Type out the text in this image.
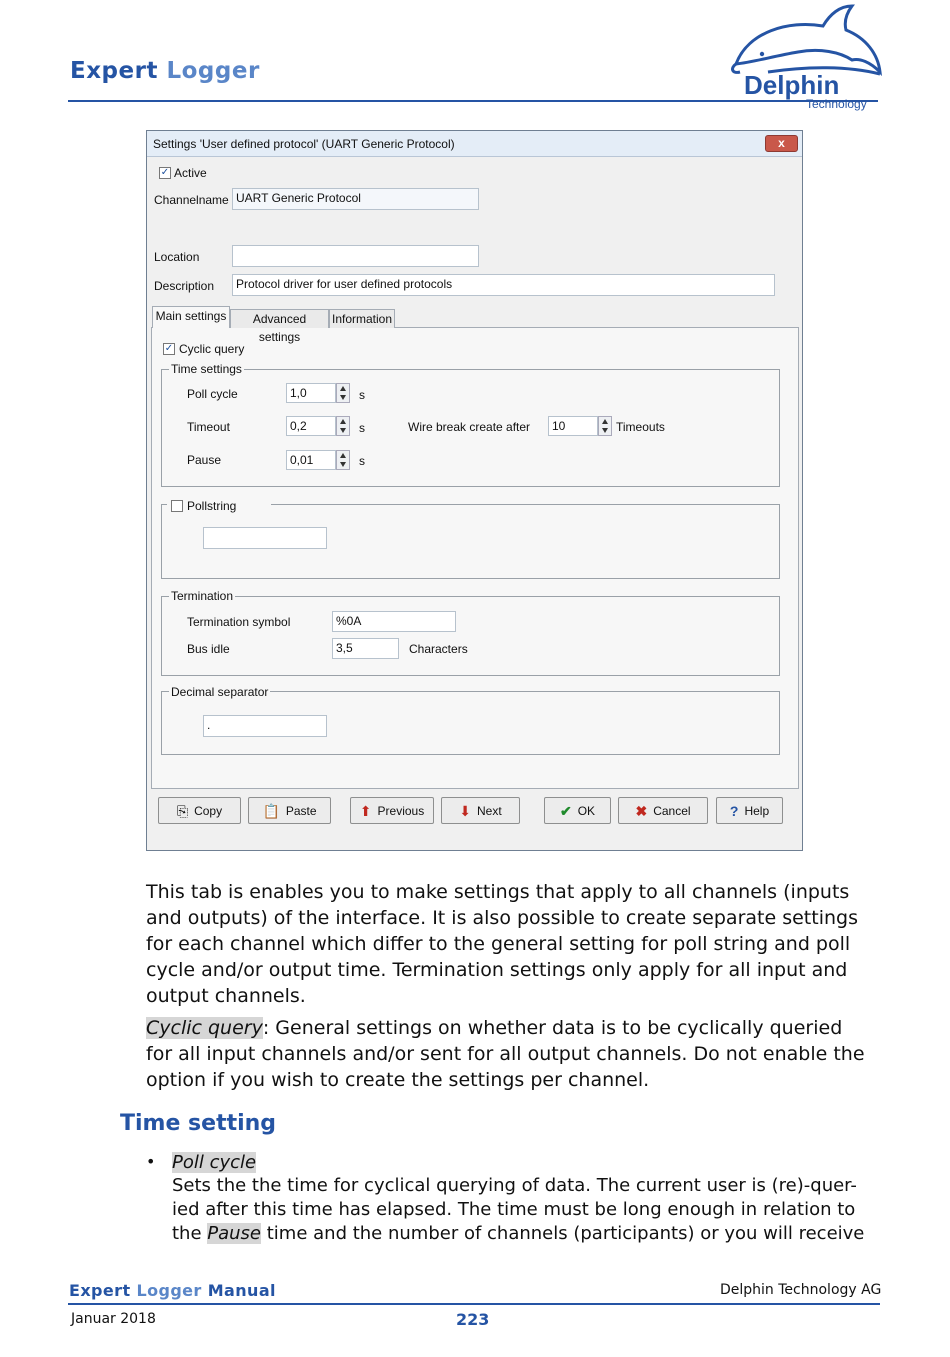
Expert Logger	Delphin
Technology
Settings 'User defined protocol' (UART Generic Protocol)	x
✓ Active
Channelname UART Generic Protocol
Location
Description	Protocol driver for user defined protocols
Main settings	Advanced settings
Information
✓ Cyclic query
Time settings
Poll cycle	1,0	s
Timeout	0,2	s	Wire break create after	10	Timeouts
Pause	0,01	s
Pollstring
Termination
Termination symbol	%0A
Bus idle	3,5	Characters
Decimal separator
.
⎘ Copy	📋 Paste	⬆ Previous	⬇ Next	✔ OK	✖ Cancel	? Help
This tab is enables you to make settings that apply to all channels (inputs and outputs) of the interface. It is also possible to create separate settings for each channel which differ to the general setting for poll string and poll cycle and/or output time. Termination settings only apply for all input and output channels.
Cyclic query: General settings on whether data is to be cyclically queried for all input channels and/or sent for all output channels. Do not enable the option if you wish to create the settings per channel.
Time setting
• Poll cycle
Sets the the time for cyclical querying of data. The current user is (re)-quer-
ied after this time has elapsed. The time must be long enough in relation to
the Pause time and the number of channels (participants) or you will receive
Expert Logger Manual	Delphin Technology AG
Januar 2018	223
